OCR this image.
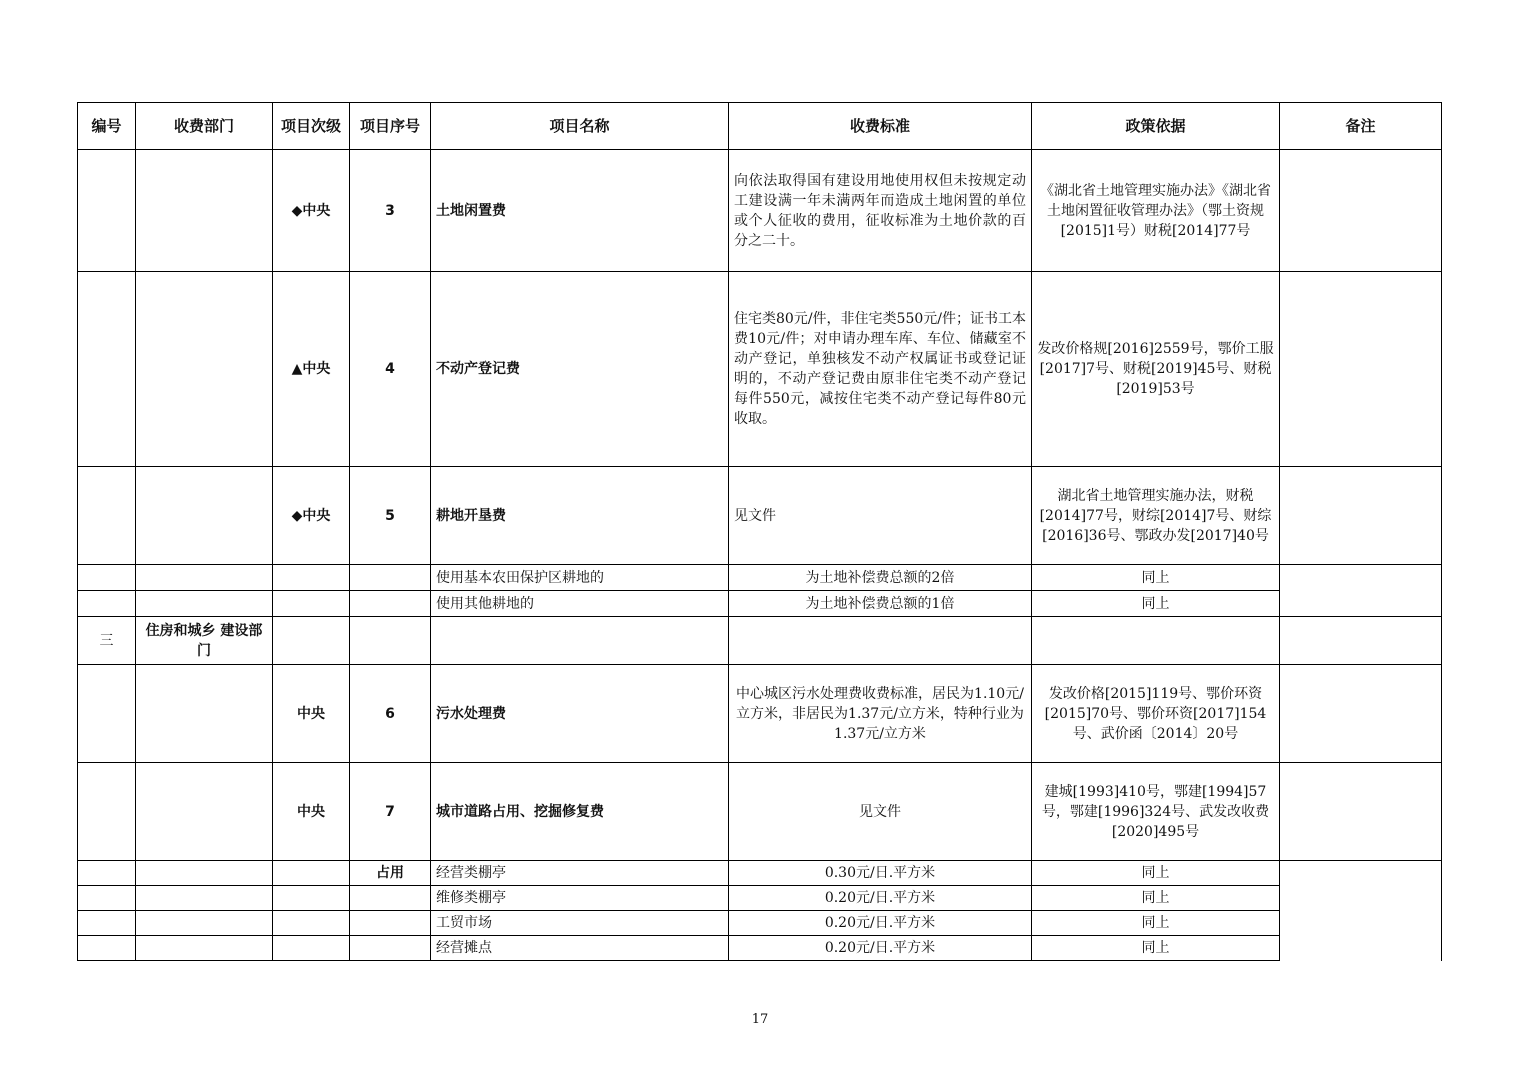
编号	收费部门	项目次级	项目序号	项目名称	收费标准	政策依据	备注
		◆中央	3	土地闲置费	向依法取得国有建设用地使用权但未按规定动工建设满一年未满两年而造成土地闲置的单位或个人征收的费用，征收标准为土地价款的百分之二十。	《湖北省土地管理实施办法》《湖北省土地闲置征收管理办法》（鄂土资规[2015]1号）财税[2014]77号	
		▲中央	4	不动产登记费	住宅类80元/件，非住宅类550元/件；证书工本费10元/件；对申请办理车库、车位、储藏室不动产登记，单独核发不动产权属证书或登记证明的，不动产登记费由原非住宅类不动产登记每件550元，减按住宅类不动产登记每件80元收取。	发改价格规[2016]2559号，鄂价工服[2017]7号、财税[2019]45号、财税[2019]53号	
		◆中央	5	耕地开垦费	见文件	湖北省土地管理实施办法，财税[2014]77号，财综[2014]7号、财综[2016]36号、鄂政办发[2017]40号	
				使用基本农田保护区耕地的	为土地补偿费总额的2倍	同上	
				使用其他耕地的	为土地补偿费总额的1倍	同上	
三	住房和城乡 建设部门						
		中央	6	污水处理费	中心城区污水处理费收费标准，居民为1.10元/立方米，非居民为1.37元/立方米，特种行业为1.37元/立方米	发改价格[2015]119号、鄂价环资[2015]70号、鄂价环资[2017]154号、武价函〔2014〕20号	
		中央	7	城市道路占用、挖掘修复费	见文件	建城[1993]410号，鄂建[1994]57号，鄂建[1996]324号、武发改收费[2020]495号	
			占用	经营类棚亭	0.30元/日.平方米	同上	
				维修类棚亭	0.20元/日.平方米	同上	
				工贸市场	0.20元/日.平方米	同上	
				经营摊点	0.20元/日.平方米	同上	
17
